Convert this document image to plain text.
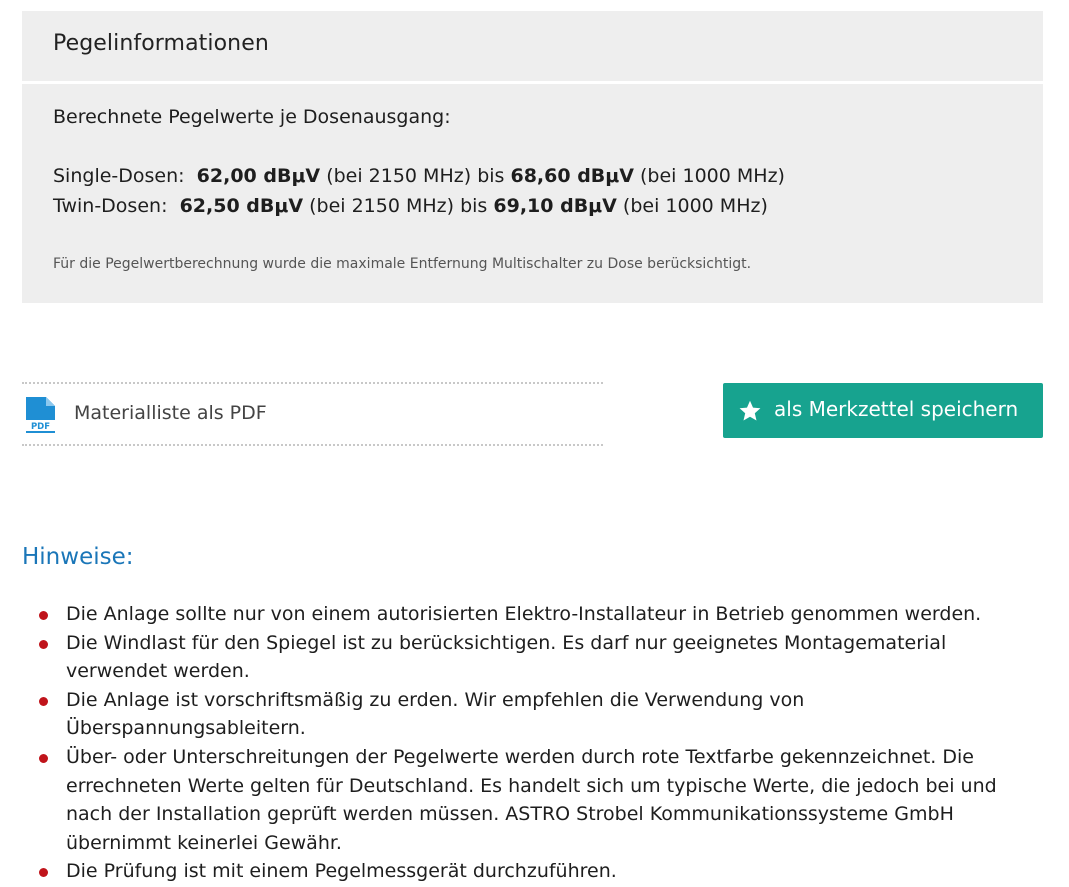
Pegelinformationen
Berechnete Pegelwerte je Dosenausgang:
Single-Dosen: 62,00 dBμV (bei 2150 MHz) bis 68,60 dBμV (bei 1000 MHz)
Twin-Dosen: 62,50 dBμV (bei 2150 MHz) bis 69,10 dBμV (bei 1000 MHz)
Für die Pegelwertberechnung wurde die maximale Entfernung Multischalter zu Dose berücksichtigt.
PDF
Materialliste als PDF	als Merkzettel speichern
Hinweise:
Die Anlage sollte nur von einem autorisierten Elektro-Installateur in Betrieb genommen werden.
Die Windlast für den Spiegel ist zu berücksichtigen. Es darf nur geeignetes Montagematerial verwendet werden.
Die Anlage ist vorschriftsmäßig zu erden. Wir empfehlen die Verwendung von Überspannungsableitern.
Über- oder Unterschreitungen der Pegelwerte werden durch rote Textfarbe gekennzeichnet. Die errechneten Werte gelten für Deutschland. Es handelt sich um typische Werte, die jedoch bei und nach der Installation geprüft werden müssen. ASTRO Strobel Kommunikationssysteme GmbH übernimmt keinerlei Gewähr.
Die Prüfung ist mit einem Pegelmessgerät durchzuführen.
